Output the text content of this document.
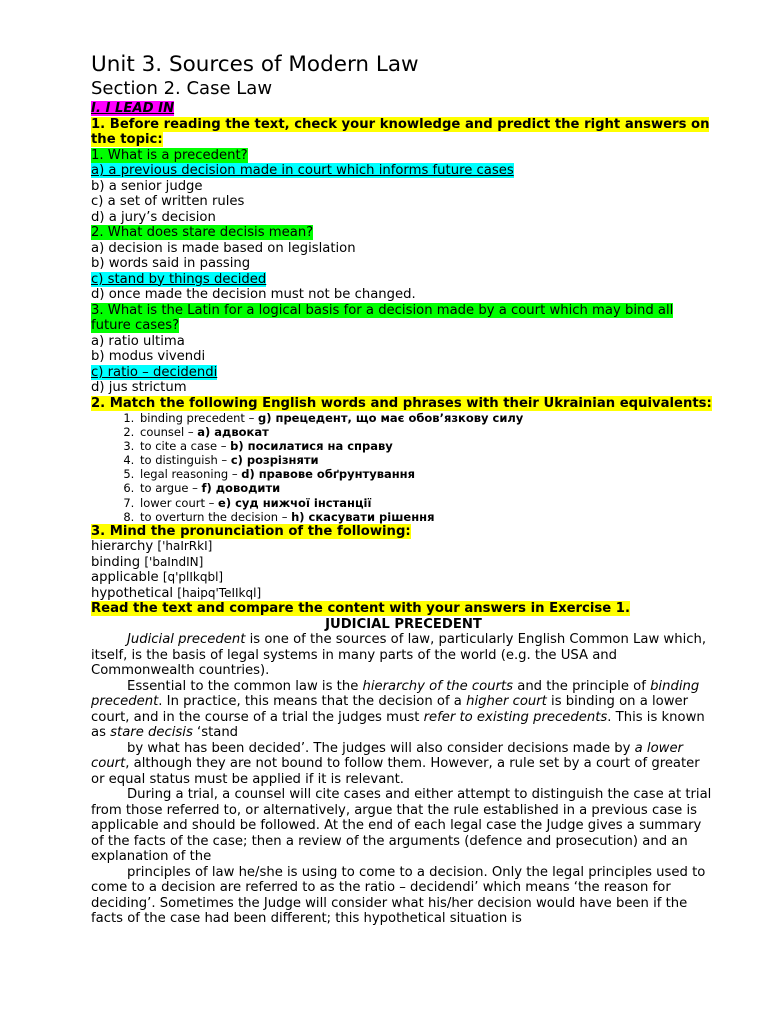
Unit 3. Sources of Modern Law
Section 2. Case Law
I. I LEAD IN
1. Before reading the text, check your knowledge and predict the right answers on the topic:
1. What is a precedent?
a) a previous decision made in court which informs future cases
b) a senior judge
c) a set of written rules
d) a jury’s decision
2. What does stare decisis mean?
a) decision is made based on legislation
b) words said in passing
c) stand by things decided
d) once made the decision must not be changed.
3. What is the Latin for a logical basis for a decision made by a court which may bind all future cases?
a) ratio ultima
b) modus vivendi
c) ratio – decidendi
d) jus strictum
2. Match the following English words and phrases with their Ukrainian equivalents:
1. binding precedent – g) прецедент, що має обов’язкову силу
2. counsel – a) адвокат
3. to cite a case – b) посилатися на справу
4. to distinguish – c) розрізняти
5. legal reasoning – d) правове обґрунтування
6. to argue – f) доводити
7. lower court – e) суд нижчої інстанції
8. to overturn the decision – h) скасувати рішення
3. Mind the pronunciation of the following:
hierarchy ['haIrRkI]
binding ['baIndIN]
applicable [q'plIkqbl]
hypothetical [haipq'TeIIkql]
Read the text and compare the content with your answers in Exercise 1.
JUDICIAL PRECEDENT

Judicial precedent is one of the sources of law, particularly English Common Law which, itself, is the basis of legal systems in many parts of the world (e.g. the USA and Commonwealth countries).

Essential to the common law is the hierarchy of the courts and the principle of binding precedent. In practice, this means that the decision of a higher court is binding on a lower court, and in the course of a trial the judges must refer to existing precedents. This is known as stare decisis ‘stand

by what has been decided’. The judges will also consider decisions made by a lower court, although they are not bound to follow them. However, a rule set by a court of greater or equal status must be applied if it is relevant.

During a trial, a counsel will cite cases and either attempt to distinguish the case at trial from those referred to, or alternatively, argue that the rule established in a previous case is applicable and should be followed. At the end of each legal case the Judge gives a summary of the facts of the case; then a review of the arguments (defence and prosecution) and an explanation of the

principles of law he/she is using to come to a decision. Only the legal principles used to come to a decision are referred to as the ratio – decidendi’ which means ‘the reason for deciding’. Sometimes the Judge will consider what his/her decision would have been if the facts of the case had been different; this hypothetical situation is
